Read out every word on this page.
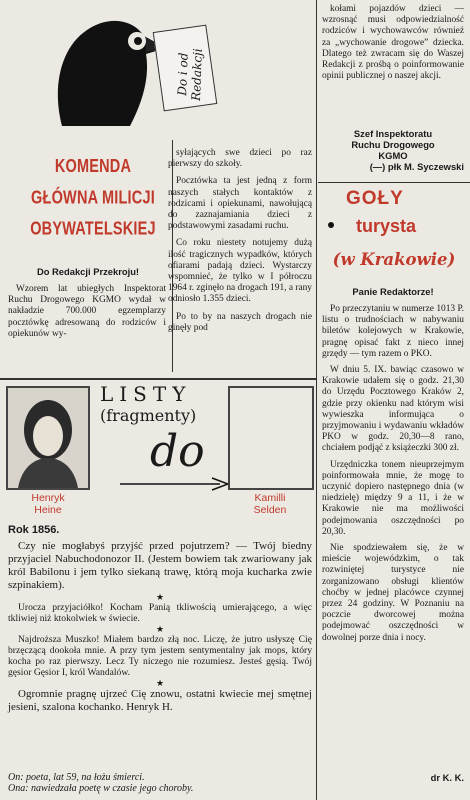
Do i od Redakcji
KOMENDA
GŁÓWNA MILICJI
OBYWATELSKIEJ
Do Redakcji Przekroju!

Wzorem lat ubiegłych Inspektorat Ruchu Drogowego KGMO wydał w nakładzie 700.000 egzemplarzy pocztówkę adresowaną do rodziców i opiekunów wy-

syłających swe dzieci po raz pierwszy do szkoły.

Pocztówka ta jest jedną z form naszych stałych kontaktów z rodzicami i opiekunami, nawołującą do zaznajamiania dzieci z podstawowymi zasadami ruchu.

Co roku niestety notujemy dużą ilość tragicznych wypadków, których ofiarami padają dzieci. Wystarczy wspomnieć, że tylko w I półroczu 1964 r. zginęło na drogach 191, a rany odniosło 1.355 dzieci.

Po to by na naszych drogach nie ginęły pod

kołami pojazdów dzieci — wzrosnąć musi odpowiedzialność rodziców i wychowawców równieź za „wychowanie drogowe” dziecka. Dlatego też zwracam się do Waszej Redakcji z prośbą o poinformowanie opinii publicznej o naszej akcji.

Szef Inspektoratu
Ruchu Drogowego
KGMO
(—) płk M. Syczewski
GOŁY
turysta
(w Krakowie)
Panie Redaktorze!

Po przeczytaniu w numerze 1013 P. listu o trudnościach w nabywaniu biletów kolejowych w Krakowie, pragnę opisać fakt z nieco innej grzędy — tym razem o PKO.

W dniu 5. IX. bawiąc czasowo w Krakowie udałem się o godz. 21,30 do Urzędu Pocztowego Kraków 2, gdzie przy okienku nad którym wisi wywieszka informująca o przyjmowaniu i wydawaniu wkładów PKO w godz. 20,30—8 rano, chciałem podjąć z książeczki 300 zł.

Urzędniczka tonem nieuprzejmym poinformowała mnie, że mogę to uczynić dopiero następnego dnia (w niedzielę) między 9 a 11, i że w Krakowie nie ma możliwości podejmowania oszczędności po 20,30.

Nie spodziewałem się, że w mieście wojewódzkim, o tak rozwiniętej turystyce nie zorganizowano obsługi klientów choćby w jednej placówce czynnej przez 24 godziny. W Poznaniu na poczcie dworcowej można podejmować oszczędności w dowolnej porze dnia i nocy.

dr K. K.
Henryk
Heine
LISTY
(fragmenty)
do
Kamilli
Selden
Rok 1856.

Czy nie mogłabyś przyjść przed pojutrzem? — Twój biedny przyjaciel Nabuchodonozor II. (Jestem bowiem tak zwariowany jak król Babilonu i jem tylko siekaną trawę, którą moja kucharka zwie szpinakiem).

★

Urocza przyjaciółko! Kocham Panią tkliwością umierającego, a więc tkliwiej niż ktokolwiek w świecie.

★

Najdroższa Muszko! Miałem bardzo złą noc. Liczę, że jutro usłyszę Cię brzęczącą dookoła mnie. A przy tym jestem sentymentalny jak mops, który kocha po raz pierwszy. Lecz Ty niczego nie rozumiesz. Jesteś gęsią. Twój gęsior Gęsior I, król Wandalów.

★

Ogromnie pragnę ujrzeć Cię znowu, ostatni kwiecie mej smętnej jesieni, szalona kochanko. Henryk H.

On: poeta, lat 59, na łożu śmierci.
Ona: nawiedzała poetę w czasie jego choroby.
